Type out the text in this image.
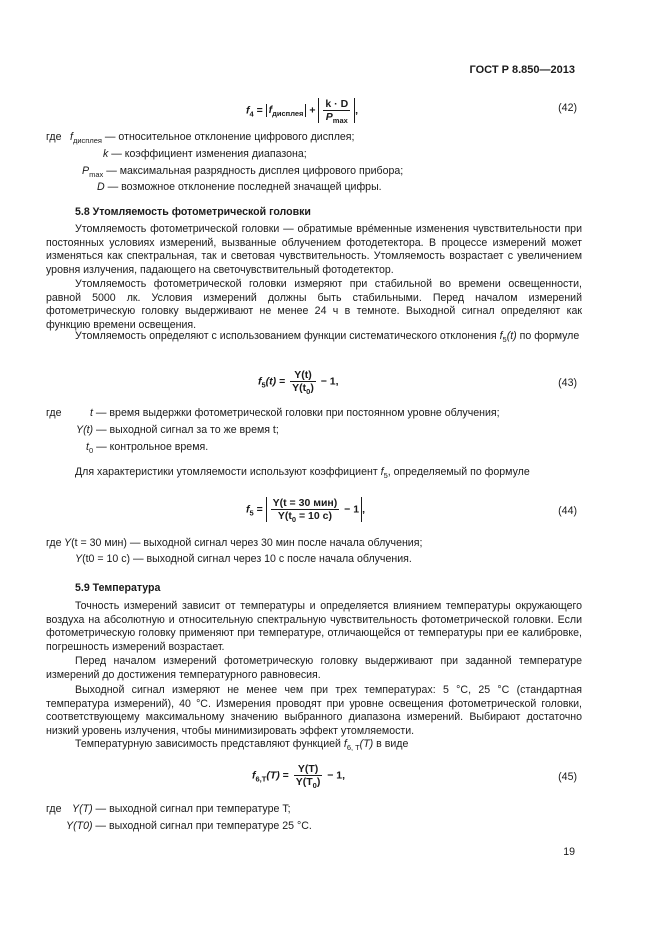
ГОСТ Р 8.850—2013
$f_4 = f_{дисплея} + \frac{k \cdot D}{P_{max}}$ ,	(42)
где $f_{дисплея}$ — относительное отклонение цифрового дисплея;
k — коэффициент изменения диапазона;
$P_{max}$ — максимальная разрядность дисплея цифрового прибора;
D — возможное отклонение последней значащей цифры.
5.8 Утомляемость фотометрической головки

Утомляемость фотометрической головки — обратимые вре́менные изменения чувствительности при постоянных условиях измерений, вызванные облучением фотодетектора. В процессе измерений может изменяться как спектральная, так и световая чувствительность. Утомляемость возрастает с увеличением уровня излучения, падающего на светочувствительный фотодетектор.

Утомляемость фотометрической головки измеряют при стабильной во времени освещенности, равной 5000 лк. Условия измерений должны быть стабильными. Перед началом измерений фотометрическую головку выдерживают не менее 24 ч в темноте. Выходной сигнал определяют как функцию времени освещения.

Утомляемость определяют с использованием функции систематического отклонения $f_5(t)$ по формуле

$f_5(t) = \frac{Y(t)}{Y(t_0)} - 1$,	(43)
где	t — время выдержки фотометрической головки при постоянном уровне облучения;
Y(t) — выходной сигнал за то же время t;
$t_0$ — контрольное время.
Для характеристики утомляемости используют коэффициент $f_5$, определяемый по формуле
$f_5 = \frac{\text{Y(t = 30 мин)}}{Y(t_0 = 10 c)} - 1$ ,	(44)
где Y(t = 30 мин) — выходной сигнал через 30 мин после начала облучения;
Y(t0 = 10 с) — выходной сигнал через 10 с после начала облучения.
5.9 Температура

Точность измерений зависит от температуры и определяется влиянием температуры окружающего воздуха на абсолютную и относительную спектральную чувствительность фотометрической головки. Если фотометрическую головку применяют при температуре, отличающейся от температуры при ее калибровке, погрешность измерений возрастает.

Перед началом измерений фотометрическую головку выдерживают при заданной температуре измерений до достижения температурного равновесия.

Выходной сигнал измеряют не менее чем при трех температурах: 5 °С, 25 °С (стандартная температура измерений), 40 °С. Измерения проводят при уровне освещения фотометрической головки, соответствующему максимальному значению выбранного диапазона измерений. Выбирают достаточно низкий уровень излучения, чтобы минимизировать эффект утомляемости.

Температурную зависимость представляют функцией $f_{6, T}(T)$ в виде
$f_{6,T}(T) = \frac{Y(T)}{Y(T_0)} - 1$,	(45)
где Y(T) — выходной сигнал при температуре T;
Y(T0) — выходной сигнал при температуре 25 °С.
19
